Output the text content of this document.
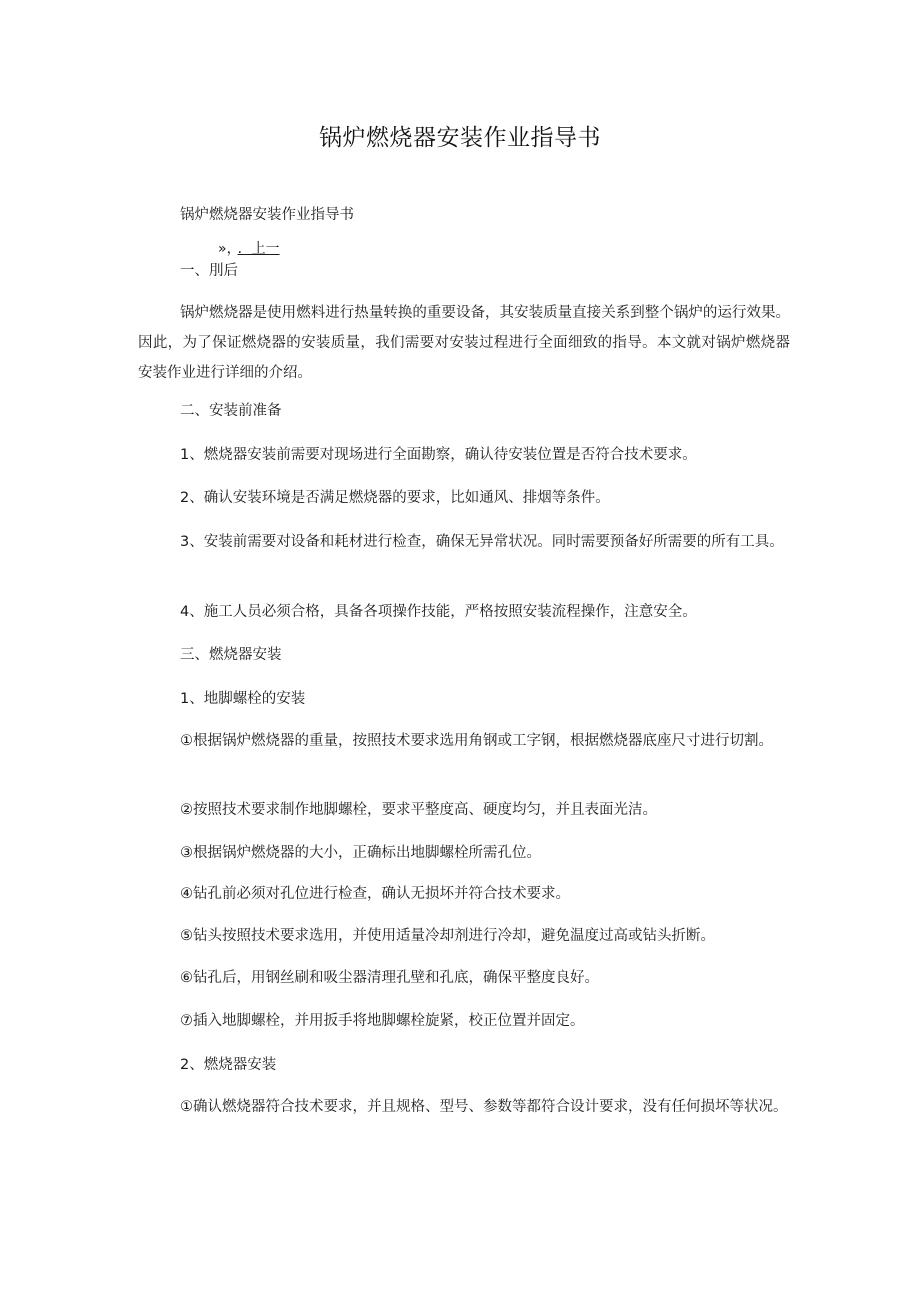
锅炉燃烧器安装作业指导书

锅炉燃烧器安装作业指导书

»， ．上一

一、刖后

锅炉燃烧器是使用燃料进行热量转换的重要设备，其安装质量直接关系到整个锅炉的运行效果。因此，为了保证燃烧器的安装质量，我们需要对安装过程进行全面细致的指导。本文就对锅炉燃烧器安装作业进行详细的介绍。

二、安装前准备

1、燃烧器安装前需要对现场进行全面勘察，确认待安装位置是否符合技术要求。

2、确认安装环境是否满足燃烧器的要求，比如通风、排烟等条件。

3、安装前需要对设备和耗材进行检查，确保无异常状况。同时需要预备好所需要的所有工具。

4、施工人员必须合格，具备各项操作技能，严格按照安装流程操作，注意安全。

三、燃烧器安装

1、地脚螺栓的安装

①根据锅炉燃烧器的重量，按照技术要求选用角钢或工字钢，根据燃烧器底座尺寸进行切割。

②按照技术要求制作地脚螺栓，要求平整度高、硬度均匀，并且表面光洁。

③根据锅炉燃烧器的大小，正确标出地脚螺栓所需孔位。

④钻孔前必须对孔位进行检查，确认无损坏并符合技术要求。

⑤钻头按照技术要求选用，并使用适量冷却剂进行冷却，避免温度过高或钻头折断。

⑥钻孔后，用钢丝刷和吸尘器清理孔壁和孔底，确保平整度良好。

⑦插入地脚螺栓，并用扳手将地脚螺栓旋紧，校正位置并固定。

2、燃烧器安装

①确认燃烧器符合技术要求，并且规格、型号、参数等都符合设计要求，没有任何损坏等状况。
